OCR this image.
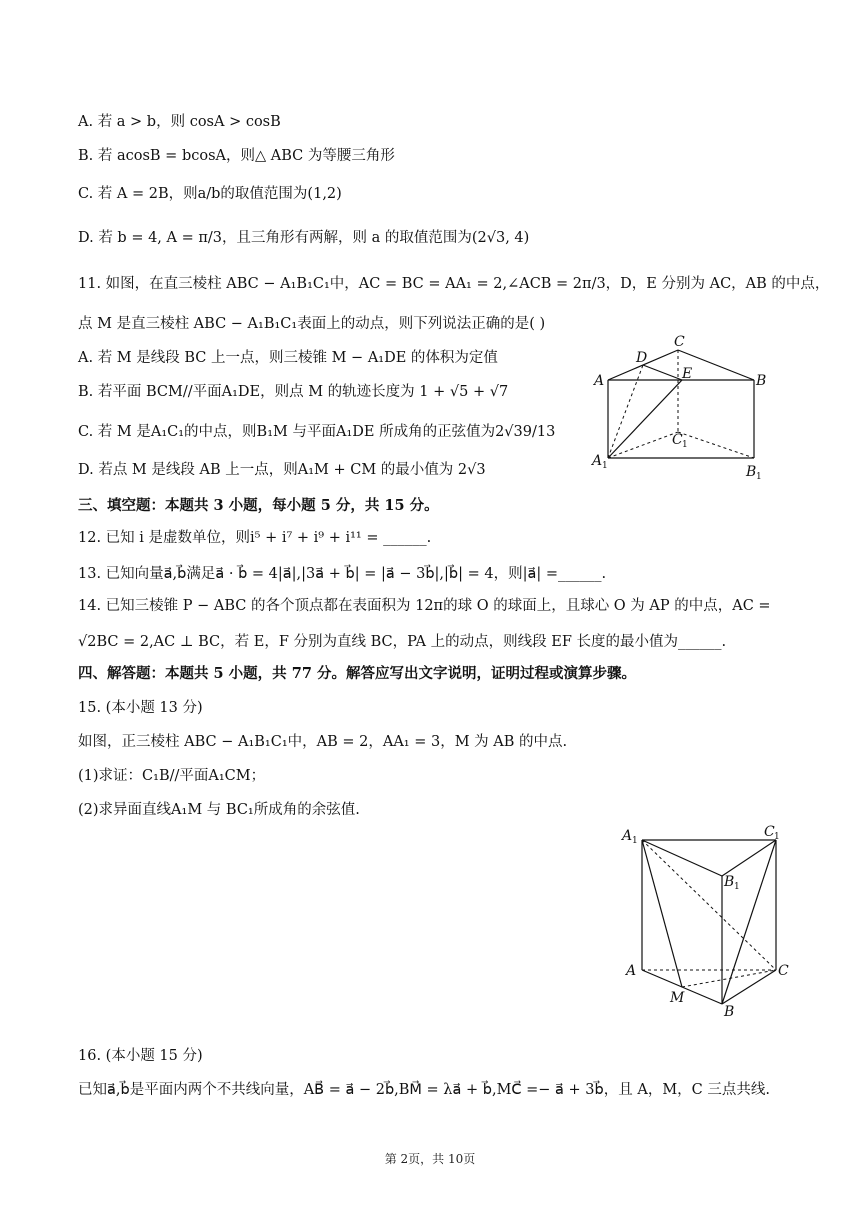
A. 若 a > b，则 cosA > cosB
B. 若 acosB = bcosA，则△ ABC 为等腰三角形
C. 若 A = 2B，则a/b的取值范围为(1,2)
D. 若 b = 4, A = π/3，且三角形有两解，则 a 的取值范围为(2√3, 4)
11. 如图，在直三棱柱 ABC − A₁B₁C₁中，AC = BC = AA₁ = 2,∠ACB = 2π/3，D，E 分别为 AC，AB 的中点，
点 M 是直三棱柱 ABC − A₁B₁C₁表面上的动点，则下列说法正确的是( )
A. 若 M 是线段 BC 上一点，则三棱锥 M − A₁DE 的体积为定值
B. 若平面 BCM//平面A₁DE，则点 M 的轨迹长度为 1 + √5 + √7
C. 若 M 是A₁C₁的中点，则B₁M 与平面A₁DE 所成角的正弦值为2√39/13
D. 若点 M 是线段 AB 上一点，则A₁M + CM 的最小值为 2√3
三、填空题：本题共 3 小题，每小题 5 分，共 15 分。
12. 已知 i 是虚数单位，则i⁵ + i⁷ + i⁹ + i¹¹ = ______.
13. 已知向量a⃗,b⃗满足a⃗ · b⃗ = 4|a⃗|,|3a⃗ + b⃗| = |a⃗ − 3b⃗|,|b⃗| = 4，则|a⃗| =______.
14. 已知三棱锥 P − ABC 的各个顶点都在表面积为 12π的球 O 的球面上，且球心 O 为 AP 的中点，AC =
√2BC = 2,AC ⊥ BC，若 E，F 分别为直线 BC，PA 上的动点，则线段 EF 长度的最小值为______.
四、解答题：本题共 5 小题，共 77 分。解答应写出文字说明，证明过程或演算步骤。
15. (本小题 13 分)
如图，正三棱柱 ABC − A₁B₁C₁中，AB = 2，AA₁ = 3，M 为 AB 的中点.
(1)求证：C₁B//平面A₁CM；
(2)求异面直线A₁M 与 BC₁所成角的余弦值.
16. (本小题 15 分)
已知a⃗,b⃗是平面内两个不共线向量，AB⃗ = a⃗ − 2b⃗,BM⃗ = λa⃗ + b⃗,MC⃗ =− a⃗ + 3b⃗，且 A，M，C 三点共线.
C
D
A	E	B
C 1
A 1	B 1
A 1
C 1
B 1
A	C
M
B
第 2页，共 10页
